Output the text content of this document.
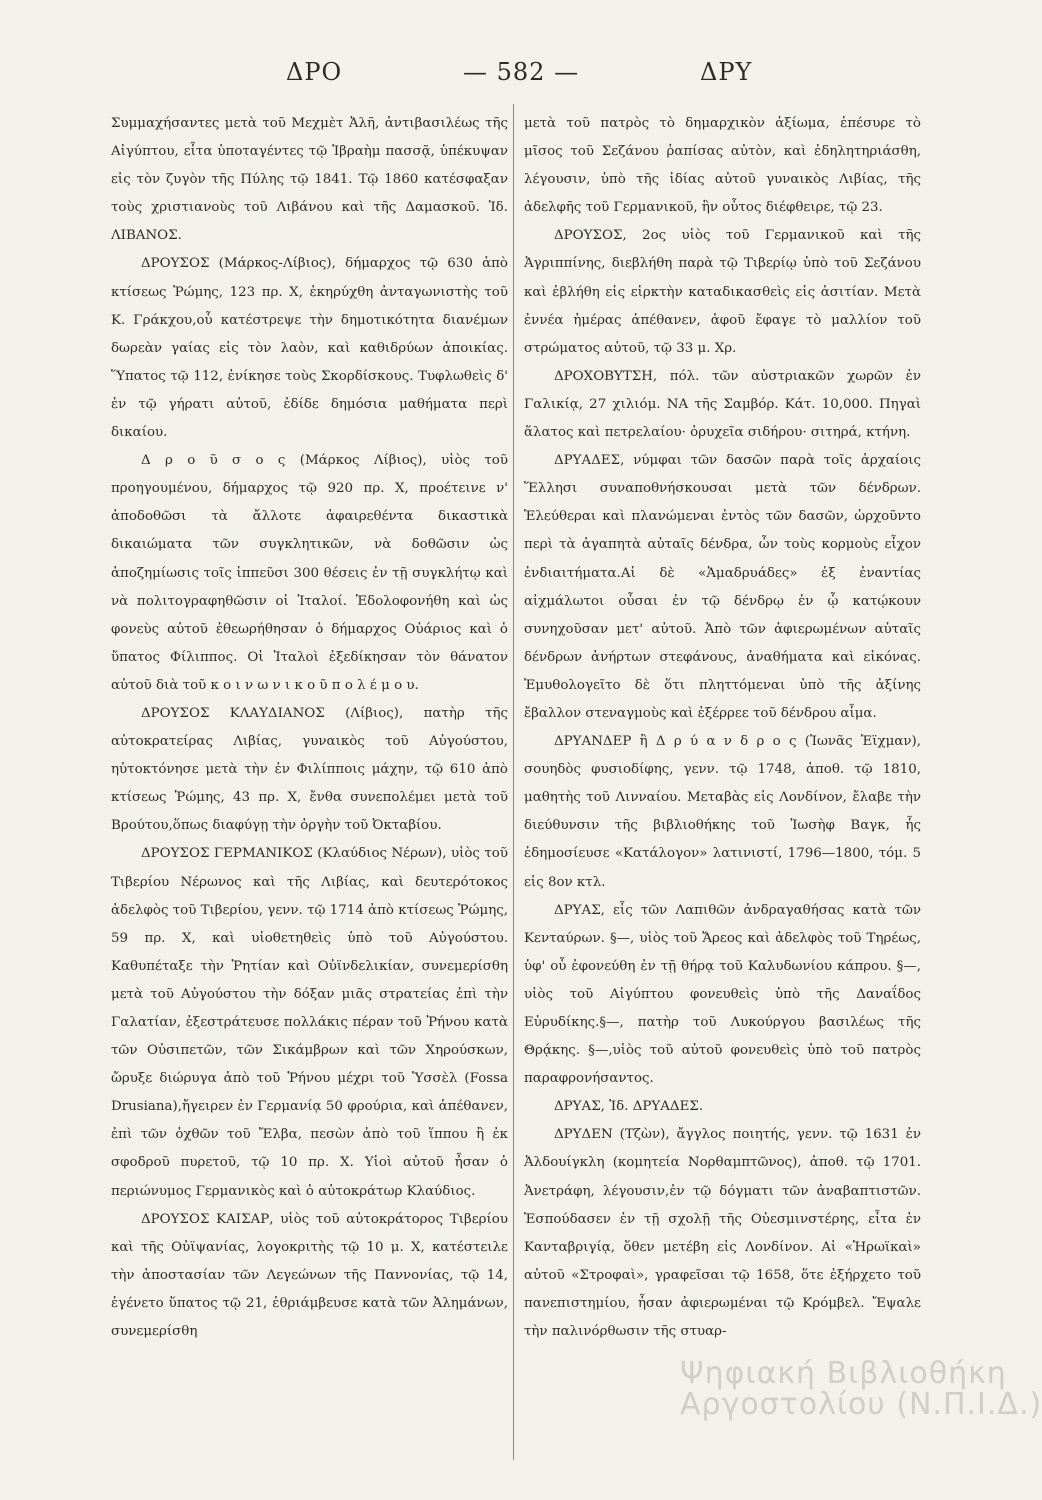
ΔΡΟ	— 582 —	ΔΡΥ

Συμμαχήσαντες μετὰ τοῦ Μεχμὲτ Ἀλῆ, ἀντιβασιλέως τῆς Αἰγύπτου, εἶτα ὑποταγέντες τῷ Ἰβραὴμ πασσᾷ, ὑπέκυψαν εἰς τὸν ζυγὸν τῆς Πύλης τῷ 1841. Τῷ 1860 κατέσφαξαν τοὺς χριστιανοὺς τοῦ Λιβάνου καὶ τῆς Δαμασκοῦ. Ἰδ. ΛΙΒΑΝΟΣ.

ΔΡΟΥΣΟΣ (Μάρκος-Λίβιος), δήμαρχος τῷ 630 ἀπὸ κτίσεως Ῥώμης, 123 πρ. Χ, ἐκηρύχθη ἀνταγωνιστὴς τοῦ Κ. Γράκχου,οὗ κατέστρεψε τὴν δημοτικότητα διανέμων δωρεὰν γαίας εἰς τὸν λαὸν, καὶ καθιδρύων ἀποικίας. Ὕπατος τῷ 112, ἐνίκησε τοὺς Σκορδίσκους. Τυφλωθεὶς δ' ἐν τῷ γήρατι αὐτοῦ, ἐδίδε δημόσια μαθήματα περὶ δικαίου.

Δ ρ ο ῦ σ ο ς (Μάρκος Λίβιος), υἱὸς τοῦ προηγουμένου, δήμαρχος τῷ 920 πρ. Χ, προέτεινε ν' ἀποδοθῶσι τὰ ἄλλοτε ἀφαιρεθέντα δικαστικὰ δικαιώματα τῶν συγκλητικῶν, νὰ δοθῶσιν ὡς ἀποζημίωσις τοῖς ἱππεῦσι 300 θέσεις ἐν τῇ συγκλήτῳ καὶ νὰ πολιτογραφηθῶσιν οἱ Ἰταλοί. Ἐδολοφονήθη καὶ ὡς φονεὺς αὐτοῦ ἐθεωρήθησαν ὁ δήμαρχος Οὐάριος καὶ ὁ ὕπατος Φίλιππος. Οἱ Ἰταλοὶ ἐξεδίκησαν τὸν θάνατον αὐτοῦ διὰ τοῦ κ ο ι ν ω ν ι κ ο ῦ π ο λ έ μ ο υ.

ΔΡΟΥΣΟΣ ΚΛΑΥΔΙΑΝΟΣ (Λίβιος), πατὴρ τῆς αὐτοκρατείρας Λιβίας, γυναικὸς τοῦ Αὐγούστου, ηὐτοκτόνησε μετὰ τὴν ἐν Φιλίπποις μάχην, τῷ 610 ἀπὸ κτίσεως Ῥώμης, 43 πρ. Χ, ἔνθα συνεπολέμει μετὰ τοῦ Βρούτου,ὅπως διαφύγῃ τὴν ὀργὴν τοῦ Ὀκταβίου.

ΔΡΟΥΣΟΣ ΓΕΡΜΑΝΙΚΟΣ (Κλαύδιος Νέρων), υἱὸς τοῦ Τιβερίου Νέρωνος καὶ τῆς Λιβίας, καὶ δευτερότοκος ἀδελφὸς τοῦ Τιβερίου, γενν. τῷ 1714 ἀπὸ κτίσεως Ῥώμης, 59 πρ. Χ, καὶ υἱοθετηθεὶς ὑπὸ τοῦ Αὐγούστου. Καθυπέταξε τὴν Ῥητίαν καὶ Οὐϊνδελικίαν, συνεμερίσθη μετὰ τοῦ Αὐγούστου τὴν δόξαν μιᾶς στρατείας ἐπὶ τὴν Γαλατίαν, ἐξεστράτευσε πολλάκις πέραν τοῦ Ῥήνου κατὰ τῶν Οὐσιπετῶν, τῶν Σικάμβρων καὶ τῶν Χηρούσκων, ὤρυξε διώρυγα ἀπὸ τοῦ Ῥήνου μέχρι τοῦ Ὑσσὲλ (Fossa Drusiana),ἤγειρεν ἐν Γερμανίᾳ 50 φρούρια, καὶ ἀπέθανεν, ἐπὶ τῶν ὀχθῶν τοῦ Ἔλβα, πεσὼν ἀπὸ τοῦ ἵππου ἢ ἐκ σφοδροῦ πυρετοῦ, τῷ 10 πρ. Χ. Υἱοὶ αὐτοῦ ἦσαν ὁ περιώνυμος Γερμανικὸς καὶ ὁ αὐτοκράτωρ Κλαύδιος.

ΔΡΟΥΣΟΣ ΚΑΙΣΑΡ, υἱὸς τοῦ αὐτοκράτορος Τιβερίου καὶ τῆς Οὐϊψανίας, λογοκριτὴς τῷ 10 μ. Χ, κατέστειλε τὴν ἀποστασίαν τῶν Λεγεώνων τῆς Παννονίας, τῷ 14, ἐγένετο ὕπατος τῷ 21, ἐθριάμβευσε κατὰ τῶν Ἀλημάνων, συνεμερίσθη

μετὰ τοῦ πατρὸς τὸ δημαρχικὸν ἀξίωμα, ἐπέσυρε τὸ μῖσος τοῦ Σεζάνου ῥαπίσας αὐτὸν, καὶ ἐδηλητηριάσθη, λέγουσιν, ὑπὸ τῆς ἰδίας αὐτοῦ γυναικὸς Λιβίας, τῆς ἀδελφῆς τοῦ Γερμανικοῦ, ἣν οὗτος διέφθειρε, τῷ 23.

ΔΡΟΥΣΟΣ, 2ος υἱὸς τοῦ Γερμανικοῦ καὶ τῆς Ἀγριππίνης, διεβλήθη παρὰ τῷ Τιβερίῳ ὑπὸ τοῦ Σεζάνου καὶ ἐβλήθη εἰς εἱρκτὴν καταδικασθεὶς εἰς ἀσιτίαν. Μετὰ ἐννέα ἡμέρας ἀπέθανεν, ἀφοῦ ἔφαγε τὸ μαλλίον τοῦ στρώματος αὐτοῦ, τῷ 33 μ. Χρ.

ΔΡΟΧΟΒΥΤΣΗ, πόλ. τῶν αὐστριακῶν χωρῶν ἐν Γαλικίᾳ, 27 χιλιόμ. ΝΑ τῆς Σαμβόρ. Κάτ. 10,000. Πηγαὶ ἅλατος καὶ πετρελαίου· ὀρυχεῖα σιδήρου· σιτηρά, κτήνη.

ΔΡΥΑΔΕΣ, νύμφαι τῶν δασῶν παρὰ τοῖς ἀρχαίοις Ἕλλησι συναποθνήσκουσαι μετὰ τῶν δένδρων. Ἐλεύθεραι καὶ πλανώμεναι ἐντὸς τῶν δασῶν, ὠρχοῦντο περὶ τὰ ἀγαπητὰ αὐταῖς δένδρα, ὧν τοὺς κορμοὺς εἶχον ἐνδιαιτήματα.Αἱ δὲ «Ἁμαδρυάδες» ἐξ ἐναντίας αἰχμάλωτοι οὖσαι ἐν τῷ δένδρῳ ἐν ᾧ κατῴκουν συνηχοῦσαν μετ' αὐτοῦ. Ἀπὸ τῶν ἀφιερωμένων αὐταῖς δένδρων ἀνήρτων στεφάνους, ἀναθήματα καὶ εἰκόνας. Ἐμυθολογεῖτο δὲ ὅτι πληττόμεναι ὑπὸ τῆς ἀξίνης ἔβαλλον στεναγμοὺς καὶ ἐξέρρεε τοῦ δένδρου αἷμα.

ΔΡΥΑΝΔΕΡ ἢ Δ ρ ύ α ν δ ρ ο ς (Ἰωνᾶς Ἐϊχμαν), σουηδὸς φυσιοδίφης, γενν. τῷ 1748, ἀποθ. τῷ 1810, μαθητὴς τοῦ Λινναίου. Μεταβὰς εἰς Λονδίνον, ἔλαβε τὴν διεύθυνσιν τῆς βιβλιοθήκης τοῦ Ἰωσὴφ Βαγκ, ἧς ἐδημοσίευσε «Κατάλογον» λατινιστί, 1796—1800, τόμ. 5 εἰς 8ον κτλ.

ΔΡΥΑΣ, εἷς τῶν Λαπιθῶν ἀνδραγαθήσας κατὰ τῶν Κενταύρων. §—, υἱὸς τοῦ Ἄρεος καὶ ἀδελφὸς τοῦ Τηρέως, ὑφ' οὗ ἐφονεύθη ἐν τῇ θήρᾳ τοῦ Καλυδωνίου κάπρου. §—, υἱὸς τοῦ Αἰγύπτου φονευθεὶς ὑπὸ τῆς Δαναΐδος Εὐρυδίκης.§—, πατὴρ τοῦ Λυκούργου βασιλέως τῆς Θρᾴκης. §—,υἱὸς τοῦ αὐτοῦ φονευθεὶς ὑπὸ τοῦ πατρὸς παραφρονήσαντος.

ΔΡΥΑΣ, Ἰδ. ΔΡΥΑΔΕΣ.

ΔΡΥΔΕΝ (Τζὼν), ἄγγλος ποιητής, γενν. τῷ 1631 ἐν Ἀλδουίγκλη (κομητεία Νορθαμπτῶνος), ἀποθ. τῷ 1701. Ἀνετράφη, λέγουσιν,ἐν τῷ δόγματι τῶν ἀναβαπτιστῶν. Ἐσπούδασεν ἐν τῇ σχολῇ τῆς Οὐεσμινστέρης, εἶτα ἐν Κανταβριγίᾳ, ὅθεν μετέβη εἰς Λονδίνον. Αἱ «Ἡρωϊκαὶ» αὐτοῦ «Στροφαὶ», γραφεῖσαι τῷ 1658, ὅτε ἐξήρχετο τοῦ πανεπιστημίου, ἦσαν ἀφιερωμέναι τῷ Κρόμβελ. Ἔψαλε τὴν παλινόρθωσιν τῆς στυαρ-

Ψηφιακή Βιβλιοθήκη
Αργοστολίου (Ν.Π.Ι.Δ.)
